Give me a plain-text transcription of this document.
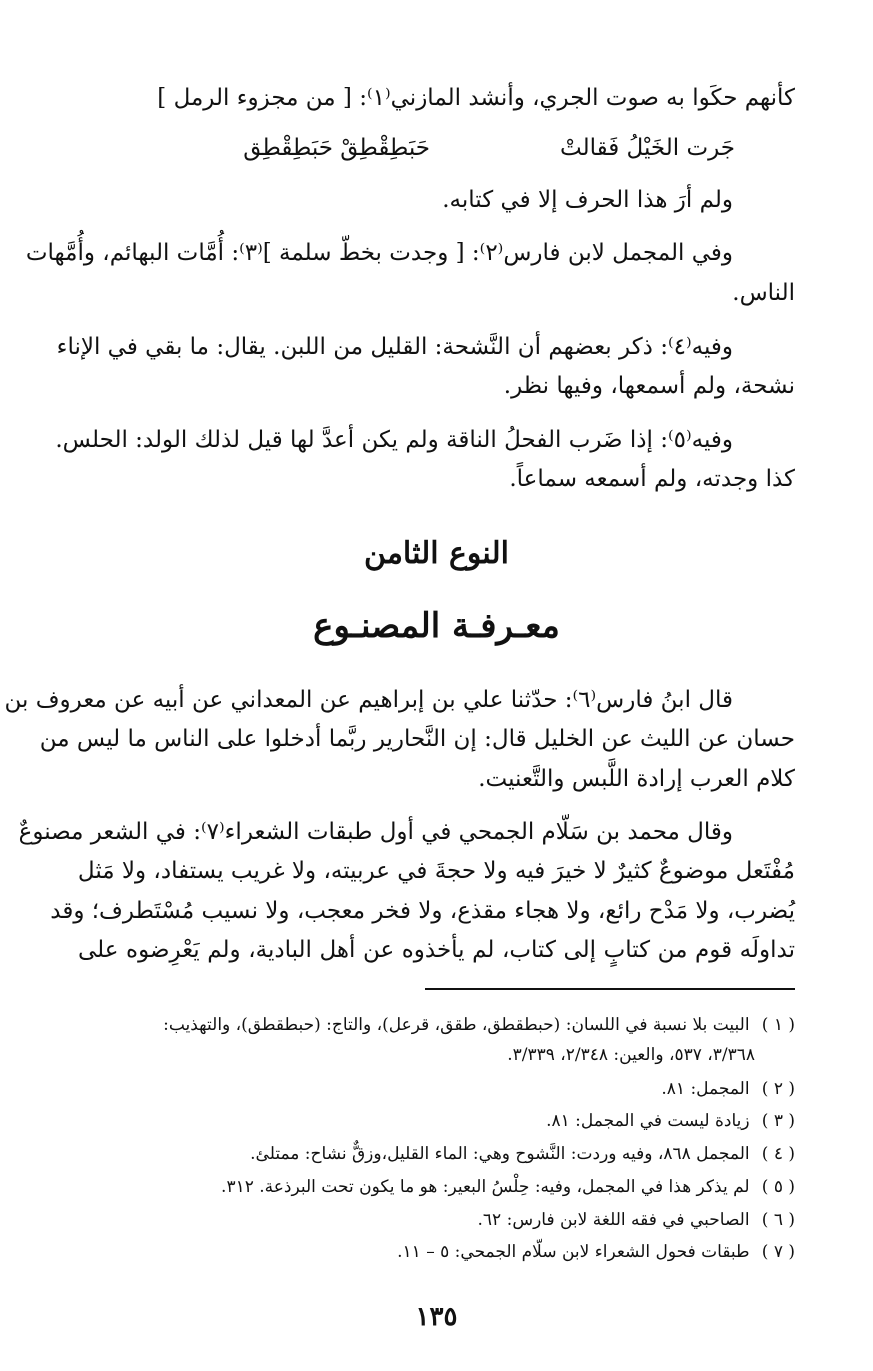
كأنهم حكَوا به صوت الجري، وأنشد المازني⁽١⁾: [ من مجزوء الرمل ]
جَرت الخَيْلُ فَقالتْ
حَبَطِقْطِقْ حَبَطِقْطِق
ولم أرَ هذا الحرف إلا في كتابه.
وفي المجمل لابن فارس⁽٢⁾: [ وجدت بخطّ سلمة ]⁽٣⁾: أُمَّات البهائم، وأُمَّهات
الناس.
وفيه⁽٤⁾: ذكر بعضهم أن النَّشحة: القليل من اللبن. يقال: ما بقي في الإناء
نشحة، ولم أسمعها، وفيها نظر.
وفيه⁽٥⁾: إذا ضَرب الفحلُ الناقة ولم يكن أعدَّ لها قيل لذلك الولد: الحلس.
كذا وجدته، ولم أسمعه سماعاً.
النوع الثامن
معـرفـة المصنـوع
قال ابنُ فارس⁽٦⁾: حدّثنا علي بن إبراهيم عن المعداني عن أبيه عن معروف بن
حسان عن الليث عن الخليل قال: إن النَّحارير ربَّما أدخلوا على الناس ما ليس من
كلام العرب إرادة اللَّبس والتَّعنيت.
وقال محمد بن سَلّام الجمحي في أول طبقات الشعراء⁽٧⁾: في الشعر مصنوعٌ
مُفْتَعل موضوعٌ كثيرٌ لا خيرَ فيه ولا حجةَ في عربيته، ولا غريب يستفاد، ولا مَثل
يُضرب، ولا مَدْح رائع، ولا هجاء مقذع، ولا فخر معجب، ولا نسيب مُسْتَطرف؛ وقد
تداولَه قوم من كتابٍ إلى كتاب، لم يأخذوه عن أهل البادية، ولم يَعْرِضوه على
( ١ ) البيت بلا نسبة في اللسان: (حبطقطق، طقق، قرعل)، والتاج: (حبطقطق)، والتهذيب:
٣/٣٦٨، ٥٣٧، والعين: ٢/٣٤٨، ٣/٣٣٩.
( ٢ ) المجمل: ٨١.
( ٣ ) زيادة ليست في المجمل: ٨١.
( ٤ ) المجمل ٨٦٨، وفيه وردت: النَّشوح وهي: الماء القليل،وزقٌّ نشاح: ممتلئ.
( ٥ ) لم يذكر هذا في المجمل، وفيه: حِلْسُ البعير: هو ما يكون تحت البرذعة. ٣١٢.
( ٦ ) الصاحبي في فقه اللغة لابن فارس: ٦٢.
( ٧ ) طبقات فحول الشعراء لابن سلّام الجمحي: ٥ – ١١.
١٣٥
